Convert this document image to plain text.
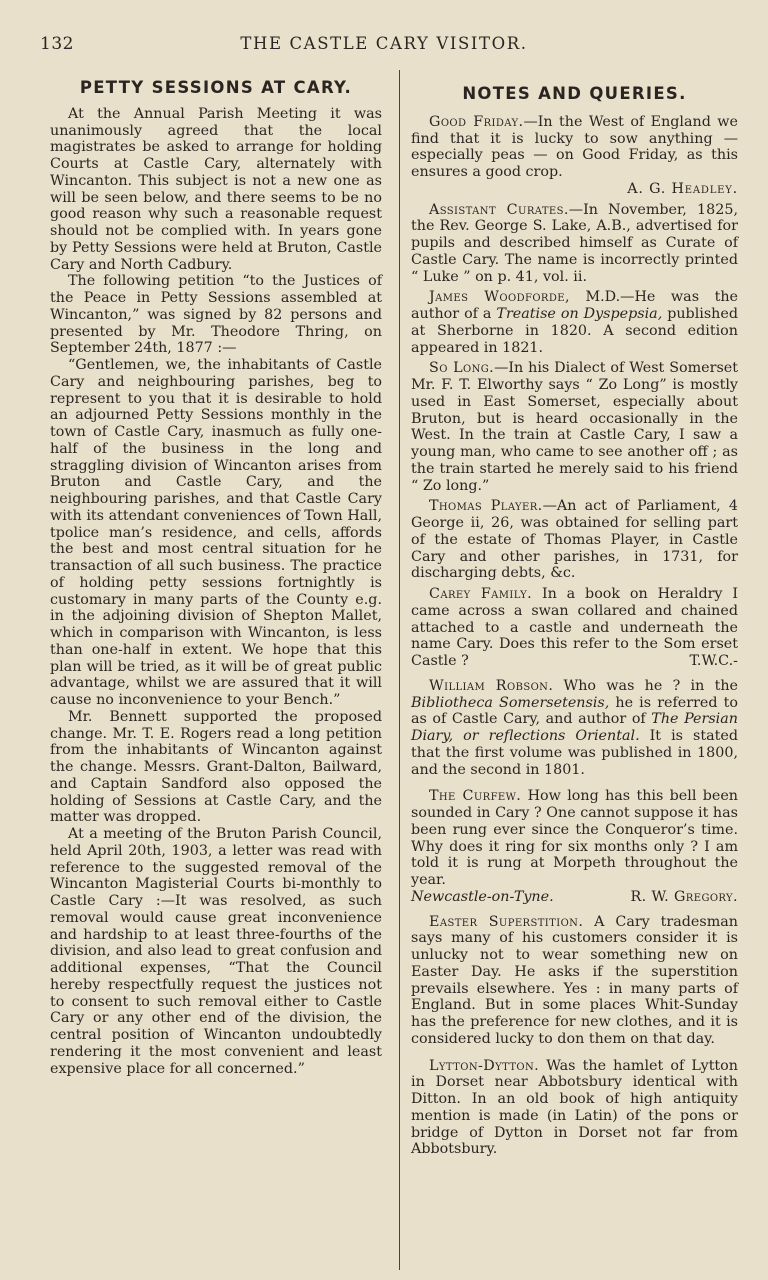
132	THE CASTLE CARY VISITOR.
PETTY SESSIONS AT CARY.

At the Annual Parish Meeting it was unanimously agreed that the local magistrates be asked to arrange for holding Courts at Castle Cary, alternately with Wincanton. This subject is not a new one as will be seen below, and there seems to be no good reason why such a reasonable request should not be complied with. In years gone by Petty Sessions were held at Bruton, Castle Cary and North Cadbury.

The following petition “to the Justices of the Peace in Petty Sessions assembled at Wincanton,” was signed by 82 persons and presented by Mr. Theodore Thring, on September 24th, 1877 :—

“Gentlemen, we, the inhabitants of Castle Cary and neighbouring parishes, beg to represent to you that it is desirable to hold an adjourned Petty Sessions monthly in the town of Castle Cary, inasmuch as fully one-half of the business in the long and straggling division of Wincanton arises from Bruton and Castle Cary, and the neighbouring parishes, and that Castle Cary with its attendant conveniences of Town Hall, tpolice man’s residence, and cells, affords the best and most central situation for he transaction of all such business. The practice of holding petty sessions fortnightly is customary in many parts of the County e.g. in the adjoining division of Shepton Mallet, which in comparison with Wincanton, is less than one-half in extent. We hope that this plan will be tried, as it will be of great public advantage, whilst we are assured that it will cause no inconvenience to your Bench.”

Mr. Bennett supported the proposed change. Mr. T. E. Rogers read a long petition from the inhabitants of Wincanton against the change. Messrs. Grant-Dalton, Bailward, and Captain Sandford also opposed the holding of Sessions at Castle Cary, and the matter was dropped.

At a meeting of the Bruton Parish Council, held April 20th, 1903, a letter was read with reference to the suggested removal of the Wincanton Magisterial Courts bi-monthly to Castle Cary :—It was resolved, as such removal would cause great inconvenience and hardship to at least three-fourths of the division, and also lead to great confusion and additional expenses, “That the Council hereby respectfully request the justices not to consent to such removal either to Castle Cary or any other end of the division, the central position of Wincanton undoubtedly rendering it the most convenient and least expensive place for all concerned.”

NOTES AND QUERIES.

Good Friday.—In the West of England we find that it is lucky to sow anything — especially peas — on Good Friday, as this ensures a good crop.

A. G. Headley.

Assistant Curates.—In November, 1825, the Rev. George S. Lake, A.B., advertised for pupils and described himself as Curate of Castle Cary. The name is incorrectly printed “ Luke ” on p. 41, vol. ii.

James Woodforde, M.D.—He was the author of a Treatise on Dyspepsia, published at Sherborne in 1820. A second edition appeared in 1821.

So Long.—In his Dialect of West Somerset Mr. F. T. Elworthy says “ Zo Long” is mostly used in East Somerset, especially about Bruton, but is heard occasionally in the West. In the train at Castle Cary, I saw a young man, who came to see another off ; as the train started he merely said to his friend “ Zo long.”

Thomas Player.—An act of Parliament, 4 George ii, 26, was obtained for selling part of the estate of Thomas Player, in Castle Cary and other parishes, in 1731, for discharging debts, &c.

Carey Family. In a book on Heraldry I came across a swan collared and chained attached to a castle and underneath the name Cary. Does this refer to the Som erset Castle ?	T.W.C.-

William Robson. Who was he ? in the Bibliotheca Somersetensis, he is referred to as of Castle Cary, and author of The Persian Diary, or reflections Oriental. It is stated that the first volume was published in 1800, and the second in 1801.

The Curfew. How long has this bell been sounded in Cary ? One cannot suppose it has been rung ever since the Conqueror’s time. Why does it ring for six months only ? I am told it is rung at Morpeth throughout the year.

Newcastle-on-Tyne.	R. W. Gregory.

Easter Superstition. A Cary tradesman says many of his customers consider it is unlucky not to wear something new on Easter Day. He asks if the superstition prevails elsewhere. Yes : in many parts of England. But in some places Whit-Sunday has the preference for new clothes, and it is considered lucky to don them on that day.

Lytton-Dytton. Was the hamlet of Lytton in Dorset near Abbotsbury identical with Ditton. In an old book of high antiquity mention is made (in Latin) of the pons or bridge of Dytton in Dorset not far from Abbotsbury.
